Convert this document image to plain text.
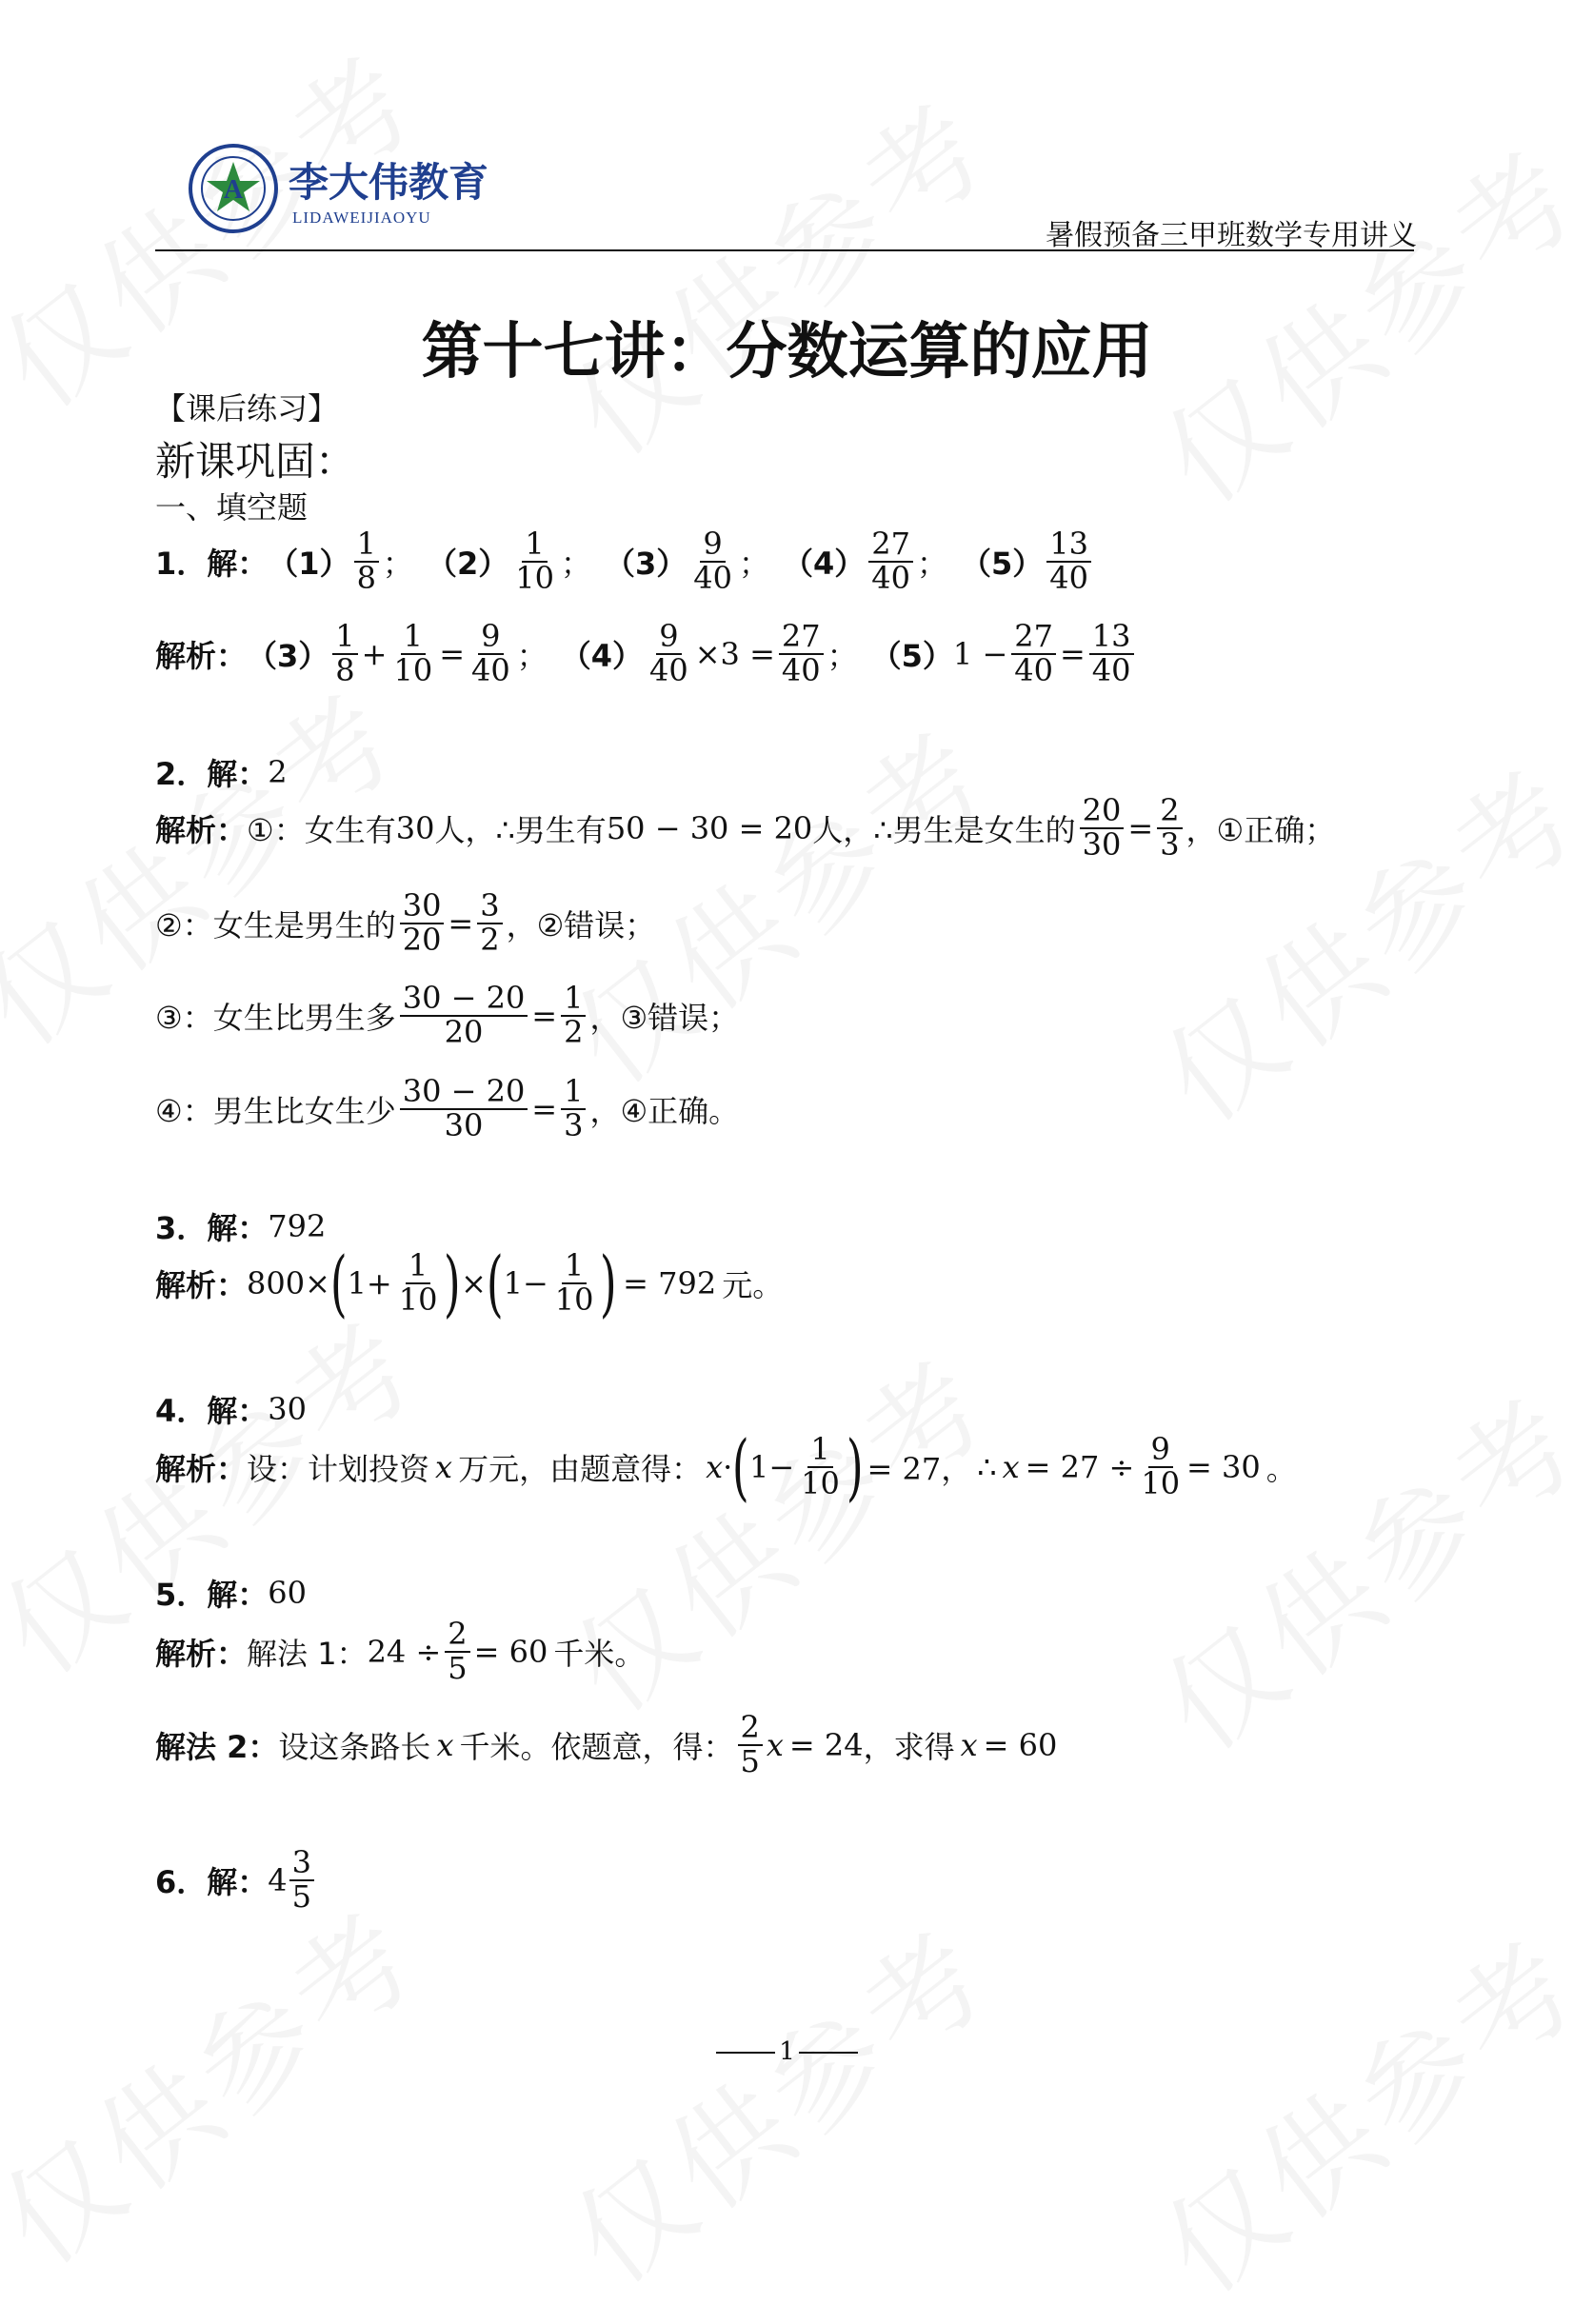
A 李大伟教育
LIDAWEIJIAOYU
暑假预备三甲班数学专用讲义
第十七讲：分数运算的应用
【课后练习】
新课巩固：
一、填空题
1．解： $(1) \frac{1}{8}$ ； $(2) \frac{1}{10}$ ； $(3) \frac{9}{40}$ ； $(4) \frac{27}{40}$ ； $(5) \frac{13}{40}$
解析： $(3) \frac{1}{8} + \frac{1}{10} = \frac{9}{40}$ ； $(4) \frac{9}{40} \times 3 = \frac{27}{40}$ ； （5） $1 - \frac{27}{40} = \frac{13}{40}$
2．解： 2
解析： ①：女生有 30 人，∴男生有 50 − 30 = 20 人，∴男生是女生的 $\frac{20}{30} = \frac{2}{3}$ ，①正确；
②：女生是男生的 $\frac{30}{20} = \frac{3}{2}$ ，②错误；
③：女生比男生多 $\frac{30 - 20}{20} = \frac{1}{2}$ ，③错误；
④：男生比女生少 $\frac{30 - 20}{30} = \frac{1}{3}$ ，④正确。
3．解： 792
解析： 800× ( $1+ \frac{1}{10}$ ) × ( $1- \frac{1}{10}$ ) = 792 元。
4．解： 30
解析： 设：计划投资 x 万元，由题意得： x · ( $1- \frac{1}{10}$ ) = 27， ∴ $x = 27 \div \frac{9}{10} = 30$ 。
5．解： 60
解析： 解法 1： $24 \div \frac{2}{5} = 60$ 千米。
解法 2： 设这条路长 x 千米。依题意，得： $\frac{2}{5}$ x = 24 ，求得 x = 60
6．解： $4 \frac{3}{5}$
1
